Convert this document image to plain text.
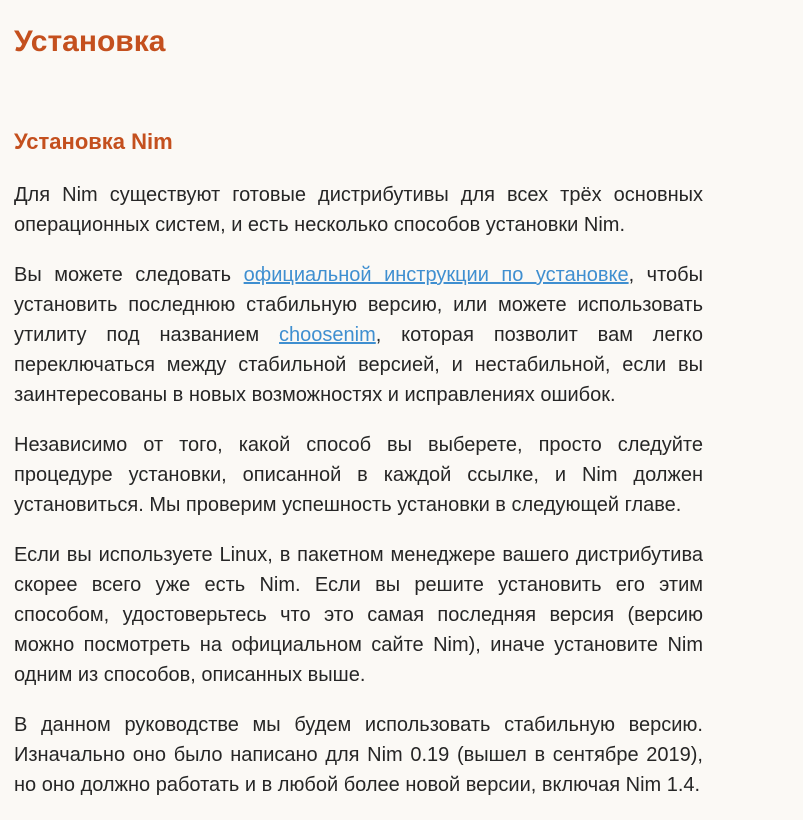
Установка
Установка Nim

Для Nim существуют готовые дистрибутивы для всех трёх основных операционных систем, и есть несколько способов установки Nim.

Вы можете следовать официальной инструкции по установке, чтобы установить последнюю стабильную версию, или можете использовать утилиту под названием choosenim, которая позволит вам легко переключаться между стабильной версией, и нестабильной, если вы заинтересованы в новых возможностях и исправлениях ошибок.

Независимо от того, какой способ вы выберете, просто следуйте процедуре установки, описанной в каждой ссылке, и Nim должен установиться. Мы проверим успешность установки в следующей главе.

Если вы используете Linux, в пакетном менеджере вашего дистрибутива скорее всего уже есть Nim. Если вы решите установить его этим способом, удостоверьтесь что это самая последняя версия (версию можно посмотреть на официальном сайте Nim), иначе установите Nim одним из способов, описанных выше.

В данном руководстве мы будем использовать стабильную версию. Изначально оно было написано для Nim 0.19 (вышел в сентябре 2019), но оно должно работать и в любой более новой версии, включая Nim 1.4.
